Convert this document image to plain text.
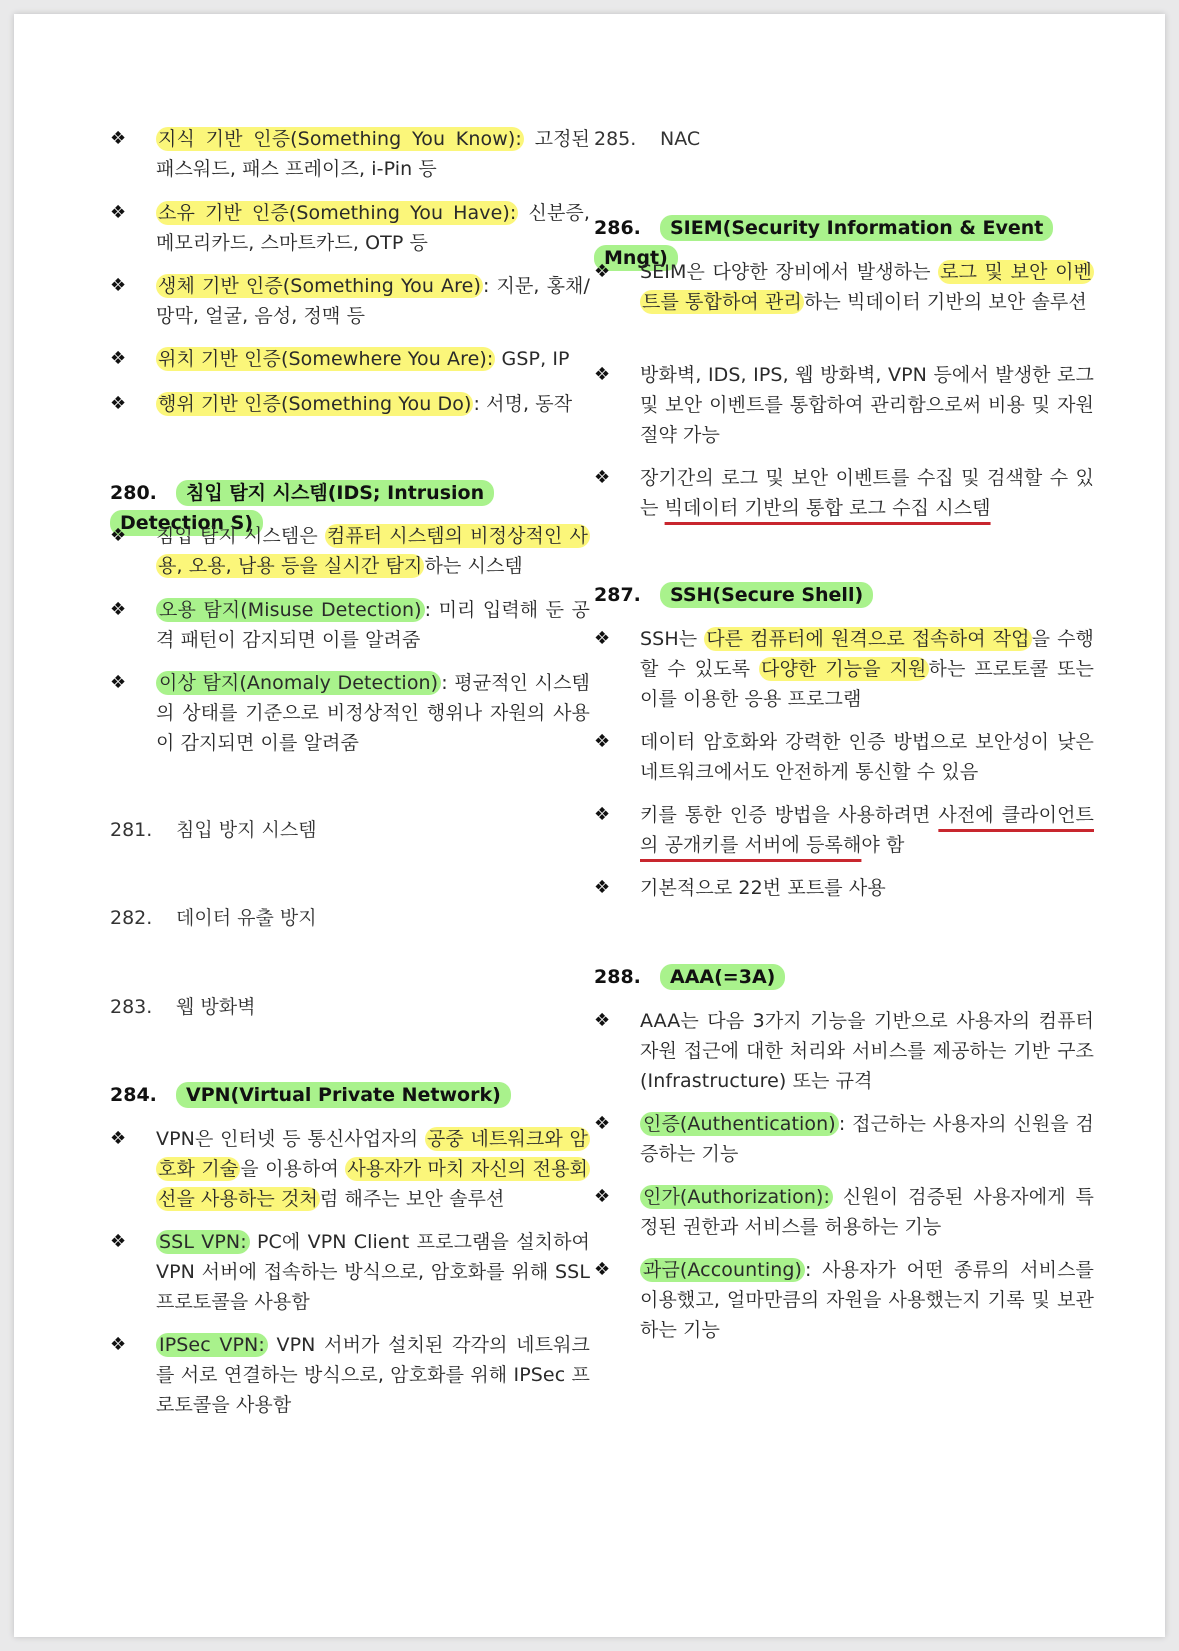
❖	지식 기반 인증(Something You Know): 고정된 패스워드, 패스 프레이즈, i-Pin 등
❖	소유 기반 인증(Something You Have): 신분증, 메모리카드, 스마트카드, OTP 등
❖	생체 기반 인증(Something You Are) : 지문, 홍채/망막, 얼굴, 음성, 정맥 등
❖	위치 기반 인증(Somewhere You Are): GSP, IP
❖	행위 기반 인증(Something You Do) : 서명, 동작
280. 침입 탐지 시스템(IDS; Intrusion Detection S)
❖	침입 탐지 시스템은 컴퓨터 시스템의 비정상적인 사용, 오용, 남용 등을 실시간 탐지 하는 시스템
❖	오용 탐지(Misuse Detection) : 미리 입력해 둔 공격 패턴이 감지되면 이를 알려줌
❖	이상 탐지(Anomaly Detection) : 평균적인 시스템의 상태를 기준으로 비정상적인 행위나 자원의 사용이 감지되면 이를 알려줌
281. 침입 방지 시스템
282. 데이터 유출 방지
283. 웹 방화벽
284. VPN(Virtual Private Network)
❖	VPN은 인터넷 등 통신사업자의 공중 네트워크와 암호화 기술 을 이용하여 사용자가 마치 자신의 전용회선을 사용하는 것처 럼 해주는 보안 솔루션
❖	SSL VPN: PC에 VPN Client 프로그램을 설치하여 VPN 서버에 접속하는 방식으로, 암호화를 위해 SSL 프로토콜을 사용함
❖	IPSec VPN: VPN 서버가 설치된 각각의 네트워크를 서로 연결하는 방식으로, 암호화를 위해 IPSec 프로토콜을 사용함
285. NAC
286. SIEM(Security Information & Event Mngt)
❖	SEIM은 다양한 장비에서 발생하는 로그 및 보안 이벤트를 통합하여 관리 하는 빅데이터 기반의 보안 솔루션
❖	방화벽, IDS, IPS, 웹 방화벽, VPN 등에서 발생한 로그 및 보안 이벤트를 통합하여 관리함으로써 비용 및 자원 절약 가능
❖	장기간의 로그 및 보안 이벤트를 수집 및 검색할 수 있는 빅데이터 기반의 통합 로그 수집 시스템
287. SSH(Secure Shell)
❖	SSH는 다른 컴퓨터에 원격으로 접속하여 작업 을 수행할 수 있도록 다양한 기능을 지원 하는 프로토콜 또는 이를 이용한 응용 프로그램
❖	데이터 암호화와 강력한 인증 방법으로 보안성이 낮은 네트워크에서도 안전하게 통신할 수 있음
❖	키를 통한 인증 방법을 사용하려면 사전에 클라이언트의 공개키를 서버에 등록해야 함
❖	기본적으로 22번 포트를 사용
288. AAA(=3A)
❖	AAA는 다음 3가지 기능을 기반으로 사용자의 컴퓨터 자원 접근에 대한 처리와 서비스를 제공하는 기반 구조(Infrastructure) 또는 규격
❖	인증(Authentication) : 접근하는 사용자의 신원을 검증하는 기능
❖	인가(Authorization): 신원이 검증된 사용자에게 특정된 권한과 서비스를 허용하는 기능
❖	과금(Accounting) : 사용자가 어떤 종류의 서비스를 이용했고, 얼마만큼의 자원을 사용했는지 기록 및 보관하는 기능
